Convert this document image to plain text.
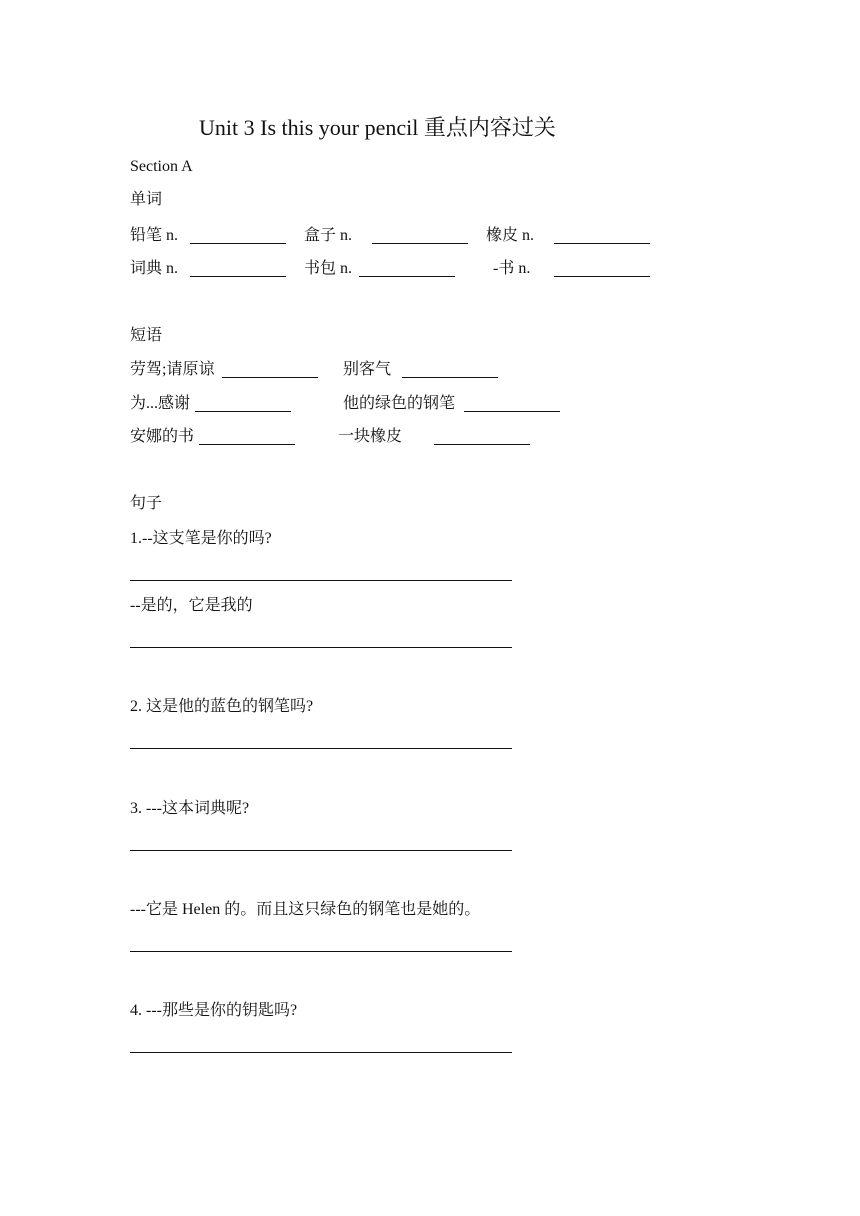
Unit 3 Is this your pencil 重点内容过关
Section A
单词
铅笔 n.	盒子 n.	橡皮 n.
词典 n.	书包 n.	-书 n.
短语
劳驾;请原谅	别客气
为...感谢	他的绿色的钢笔
安娜的书	一块橡皮
句子
1.--这支笔是你的吗?
--是的，它是我的
2. 这是他的蓝色的钢笔吗?
3. ---这本词典呢?
---它是 Helen 的。而且这只绿色的钢笔也是她的。
4. ---那些是你的钥匙吗?
